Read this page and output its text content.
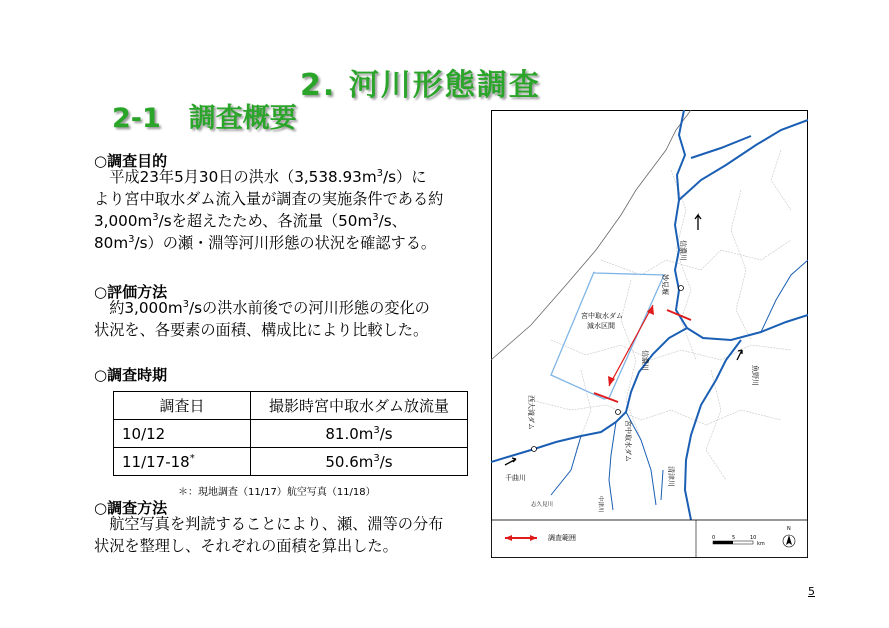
2. 河川形態調査
2-1 調査概要
○調査目的

　平成23年5月30日の洪水$(3,538.93m^3/s)$に

より宮中取水ダム流入量が調査の実施条件である約

$3,000m^3/s$を超えたため、各流量（$50m^3/s$、

$80m^3/s$）の瀬・淵等河川形態の状況を確認する。

○評価方法

　約$3,000m^3/s$の洪水前後での河川形態の変化の

状況を、各要素の面積、構成比により比較した。

○調査時期
調査日	撮影時宮中取水ダム放流量
10/12	$81.0m^3/s$
11/17-18*	$50.6m^3/s$
＊：現地調査（11/17）航空写真（11/18）
○調査方法

　航空写真を判読することにより、瀬、淵等の分布

状況を整理し、それぞれの面積を算出した。

宮中取水ダム
減水区間
清津川
信濃川
妙見堰
信濃川
魚野川
西大滝ダム
宮中取水ダム
千曲川
中津川
志久見川
調査範囲	0	5	10
km
N
5
